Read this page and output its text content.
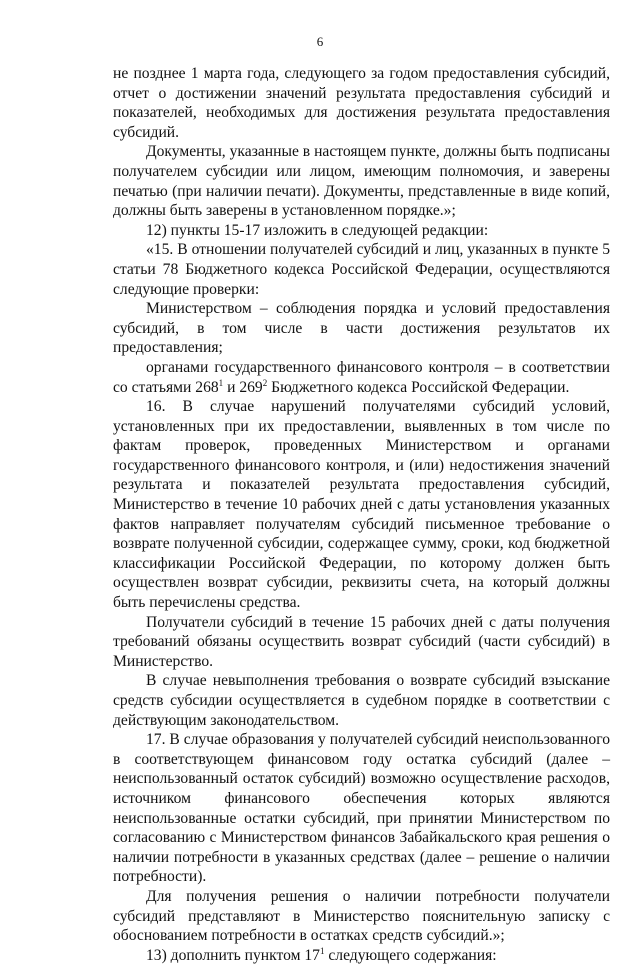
6

не позднее 1 марта года, следующего за годом предоставления субсидий, отчет о достижении значений результата предоставления субсидий и показателей, необходимых для достижения результата предоставления субсидий.

Документы, указанные в настоящем пункте, должны быть подписаны получателем субсидии или лицом, имеющим полномочия, и заверены печатью (при наличии печати). Документы, представленные в виде копий, должны быть заверены в установленном порядке.»;

12) пункты 15-17 изложить в следующей редакции:

«15. В отношении получателей субсидий и лиц, указанных в пункте 5 статьи 78 Бюджетного кодекса Российской Федерации, осуществляются следующие проверки:

Министерством – соблюдения порядка и условий предоставления субсидий, в том числе в части достижения результатов их предоставления;

органами государственного финансового контроля – в соответствии со статьями $268^1$ и $269^2$ Бюджетного кодекса Российской Федерации.

16. В случае нарушений получателями субсидий условий, установленных при их предоставлении, выявленных в том числе по фактам проверок, проведенных Министерством и органами государственного финансового контроля, и (или) недостижения значений результата и показателей результата предоставления субсидий, Министерство в течение 10 рабочих дней с даты установления указанных фактов направляет получателям субсидий письменное требование о возврате полученной субсидии, содержащее сумму, сроки, код бюджетной классификации Российской Федерации, по которому должен быть осуществлен возврат субсидии, реквизиты счета, на который должны быть перечислены средства.

Получатели субсидий в течение 15 рабочих дней с даты получения требований обязаны осуществить возврат субсидий (части субсидий) в Министерство.

В случае невыполнения требования о возврате субсидий взыскание средств субсидии осуществляется в судебном порядке в соответствии с действующим законодательством.

17. В случае образования у получателей субсидий неиспользованного в соответствующем финансовом году остатка субсидий (далее – неиспользованный остаток субсидий) возможно осуществление расходов, источником финансового обеспечения которых являются неиспользованные остатки субсидий, при принятии Министерством по согласованию с Министерством финансов Забайкальского края решения о наличии потребности в указанных средствах (далее – решение о наличии потребности).

Для получения решения о наличии потребности получатели субсидий представляют в Министерство пояснительную записку с обоснованием потребности в остатках средств субсидий.»;

13) дополнить пунктом $17^1$ следующего содержания:
